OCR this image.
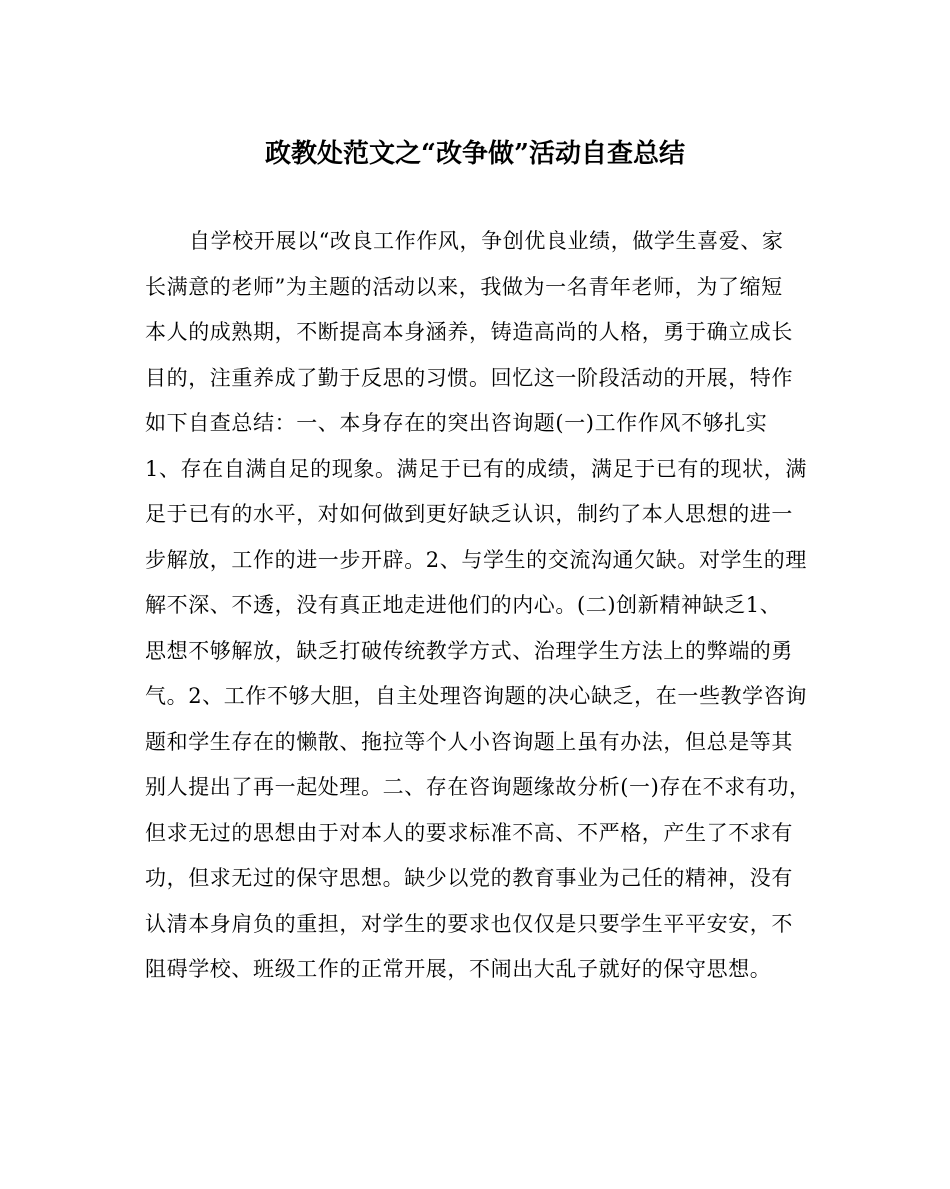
政教处范文之“改争做”活动自查总结
自学校开展以“改良工作作风，争创优良业绩，做学生喜爱、家
长满意的老师”为主题的活动以来，我做为一名青年老师，为了缩短
本人的成熟期，不断提高本身涵养，铸造高尚的人格，勇于确立成长
目的，注重养成了勤于反思的习惯。回忆这一阶段活动的开展，特作
如下自查总结：一、本身存在的突出咨询题(一)工作作风不够扎实
1、存在自满自足的现象。满足于已有的成绩，满足于已有的现状，满
足于已有的水平，对如何做到更好缺乏认识，制约了本人思想的进一
步解放，工作的进一步开辟。2、与学生的交流沟通欠缺。对学生的理
解不深、不透，没有真正地走进他们的内心。(二)创新精神缺乏1、
思想不够解放，缺乏打破传统教学方式、治理学生方法上的弊端的勇
气。2、工作不够大胆，自主处理咨询题的决心缺乏，在一些教学咨询
题和学生存在的懒散、拖拉等个人小咨询题上虽有办法，但总是等其
别人提出了再一起处理。二、存在咨询题缘故分析(一)存在不求有功，
但求无过的思想由于对本人的要求标准不高、不严格，产生了不求有
功，但求无过的保守思想。缺少以党的教育事业为己任的精神，没有
认清本身肩负的重担，对学生的要求也仅仅是只要学生平平安安，不
阻碍学校、班级工作的正常开展，不闹出大乱子就好的保守思想。
